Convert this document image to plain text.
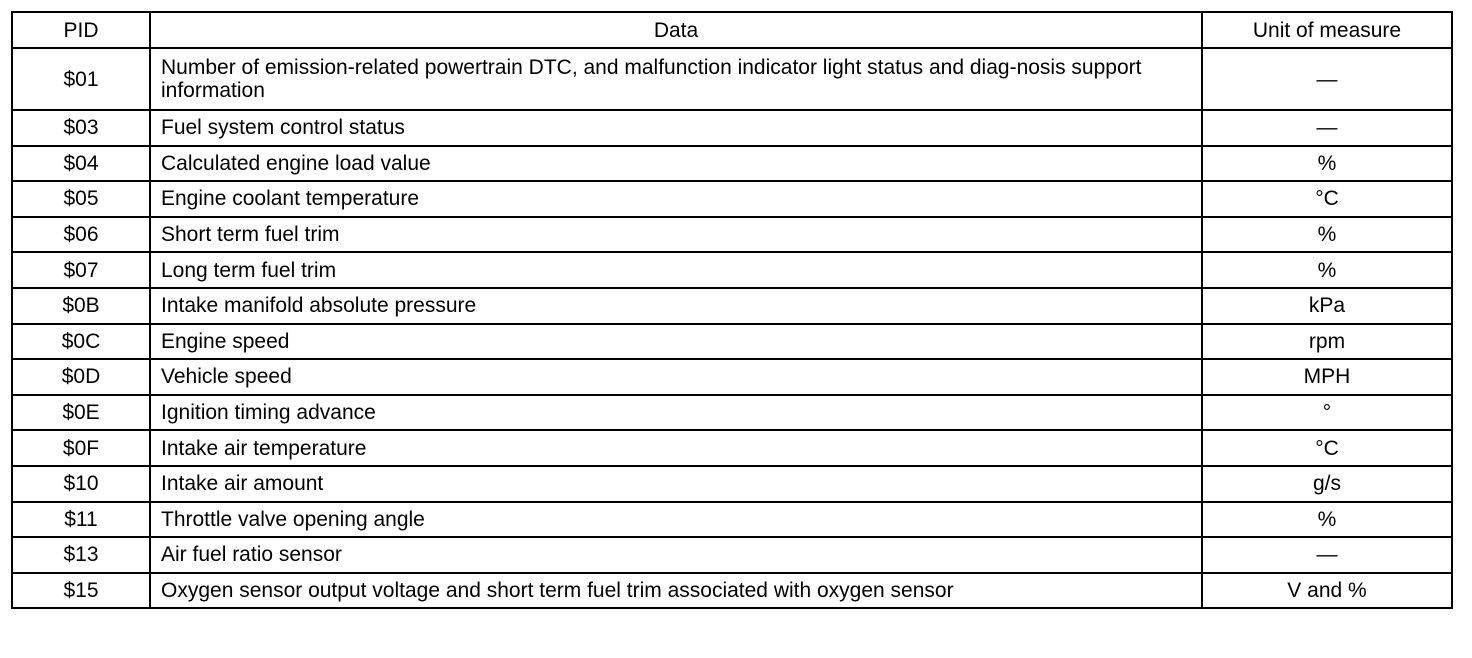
PID	Data	Unit of measure
$01	Number of emission-related powertrain DTC, and malfunction indicator light status and diag-nosis support information	—
$03	Fuel system control status	—
$04	Calculated engine load value	%
$05	Engine coolant temperature	°C
$06	Short term fuel trim	%
$07	Long term fuel trim	%
$0B	Intake manifold absolute pressure	kPa
$0C	Engine speed	rpm
$0D	Vehicle speed	MPH
$0E	Ignition timing advance	°
$0F	Intake air temperature	°C
$10	Intake air amount	g/s
$11	Throttle valve opening angle	%
$13	Air fuel ratio sensor	—
$15	Oxygen sensor output voltage and short term fuel trim associated with oxygen sensor	V and %
